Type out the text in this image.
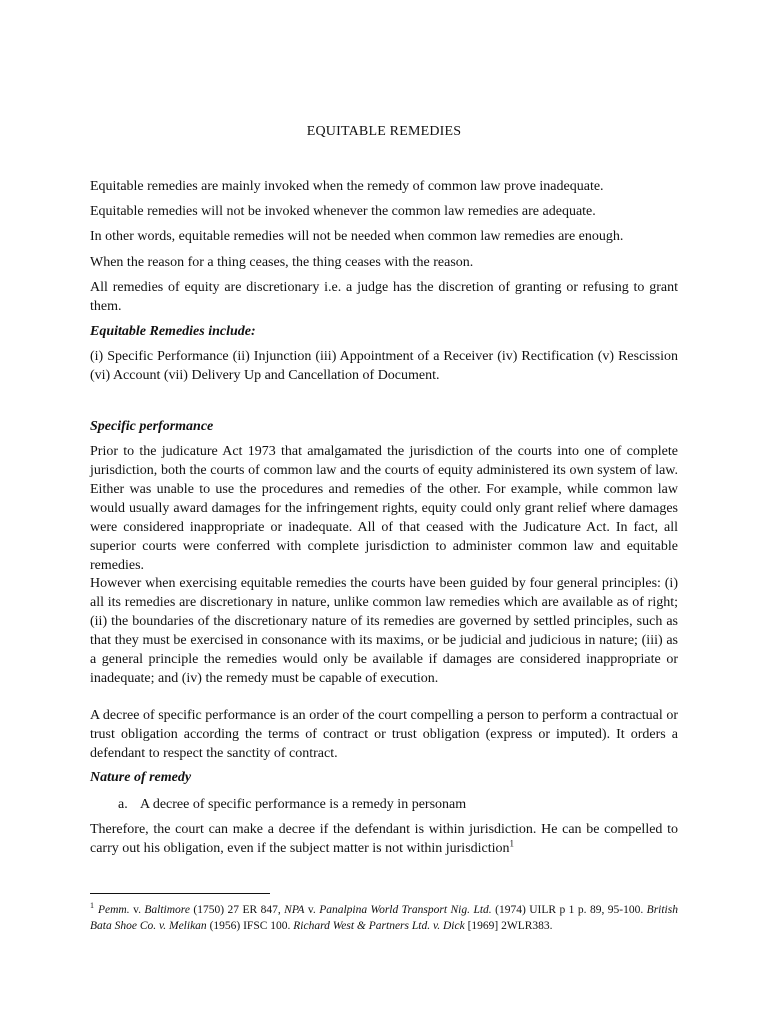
EQUITABLE REMEDIES

Equitable remedies are mainly invoked when the remedy of common law prove inadequate.

Equitable remedies will not be invoked whenever the common law remedies are adequate.

In other words, equitable remedies will not be needed when common law remedies are enough.

When the reason for a thing ceases, the thing ceases with the reason.

All remedies of equity are discretionary i.e. a judge has the discretion of granting or refusing to grant them.

Equitable Remedies include:

(i) Specific Performance (ii) Injunction (iii) Appointment of a Receiver (iv) Rectification (v) Rescission (vi) Account (vii) Delivery Up and Cancellation of Document.

Specific performance

Prior to the judicature Act 1973 that amalgamated the jurisdiction of the courts into one of complete jurisdiction, both the courts of common law and the courts of equity administered its own system of law. Either was unable to use the procedures and remedies of the other. For example, while common law would usually award damages for the infringement rights, equity could only grant relief where damages were considered inappropriate or inadequate. All of that ceased with the Judicature Act. In fact, all superior courts were conferred with complete jurisdiction to administer common law and equitable remedies.

However when exercising equitable remedies the courts have been guided by four general principles: (i) all its remedies are discretionary in nature, unlike common law remedies which are available as of right; (ii) the boundaries of the discretionary nature of its remedies are governed by settled principles, such as that they must be exercised in consonance with its maxims, or be judicial and judicious in nature; (iii) as a general principle the remedies would only be available if damages are considered inappropriate or inadequate; and (iv) the remedy must be capable of execution.

A decree of specific performance is an order of the court compelling a person to perform a contractual or trust obligation according the terms of contract or trust obligation (express or imputed). It orders a defendant to respect the sanctity of contract.

Nature of remedy

a. A decree of specific performance is a remedy in personam

Therefore, the court can make a decree if the defendant is within jurisdiction. He can be compelled to carry out his obligation, even if the subject matter is not within jurisdiction$^1$

$^1$ Pemm. v. Baltimore (1750) 27 ER 847, NPA v. Panalpina World Transport Nig. Ltd. (1974) UILR p 1 p. 89, 95-100. British Bata Shoe Co. v. Melikan (1956) IFSC 100. Richard West & Partners Ltd. v. Dick [1969] 2WLR383.
